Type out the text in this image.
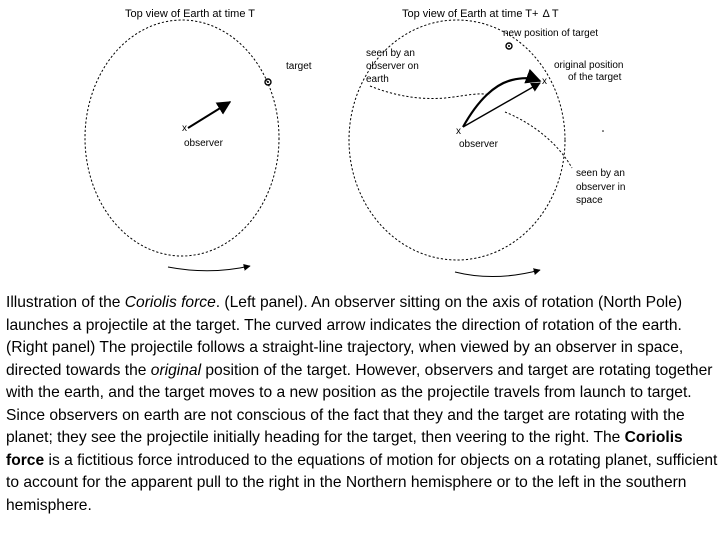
Top view of Earth at time T
target
x
observer
Top view of Earth at time T+ Δ T
new position of target
seen by an observer on earth
original position of the target
x
x
observer
seen by an observer in space
Illustration of the Coriolis force. (Left panel). An observer sitting on the axis of rotation (North Pole) launches a projectile at the target. The curved arrow indicates the direction of rotation of the earth. (Right panel) The projectile follows a straight-line trajectory, when viewed by an observer in space, directed towards the original position of the target. However, observers and target are rotating together with the earth, and the target moves to a new position as the projectile travels from launch to target. Since observers on earth are not conscious of the fact that they and the target are rotating with the planet; they see the projectile initially heading for the target, then veering to the right. The Coriolis force is a fictitious force introduced to the equations of motion for objects on a rotating planet, sufficient to account for the apparent pull to the right in the Northern hemisphere or to the left in the southern hemisphere.
